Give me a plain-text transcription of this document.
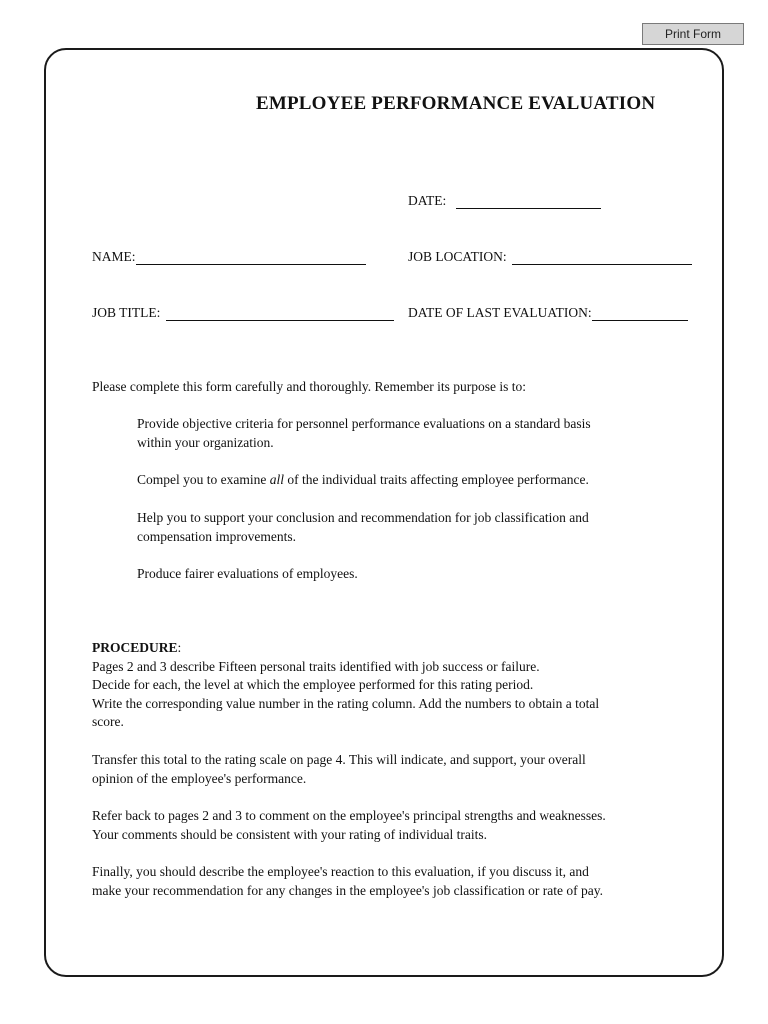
Print Form
EMPLOYEE PERFORMANCE EVALUATION
DATE:
NAME:	JOB LOCATION:
JOB TITLE:	DATE OF LAST EVALUATION:
Please complete this form carefully and thoroughly. Remember its purpose is to:
Provide objective criteria for personnel performance evaluations on a standard basis
within your organization.
Compel you to examine all of the individual traits affecting employee performance.
Help you to support your conclusion and recommendation for job classification and
compensation improvements.
Produce fairer evaluations of employees.
PROCEDURE:
Pages 2 and 3 describe Fifteen personal traits identified with job success or failure.
Decide for each, the level at which the employee performed for this rating period.
Write the corresponding value number in the rating column. Add the numbers to obtain a total
score.
Transfer this total to the rating scale on page 4. This will indicate, and support, your overall
opinion of the employee's performance.
Refer back to pages 2 and 3 to comment on the employee's principal strengths and weaknesses.
Your comments should be consistent with your rating of individual traits.
Finally, you should describe the employee's reaction to this evaluation, if you discuss it, and
make your recommendation for any changes in the employee's job classification or rate of pay.
